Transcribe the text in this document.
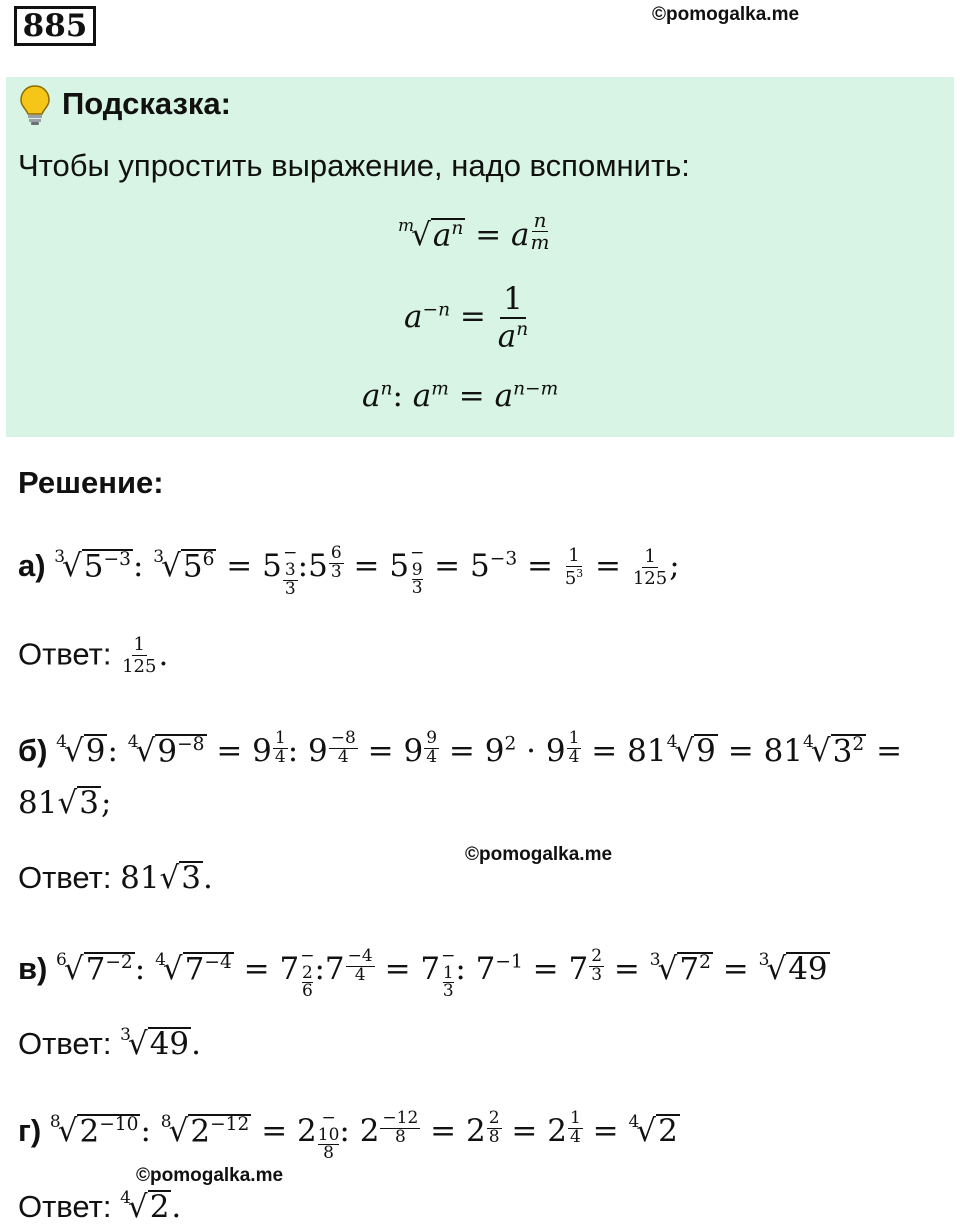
885	©pomogalka.me
Подсказка:
Чтобы упростить выражение, надо вспомнить:
$^m√a^n = a \frac{n}{m}$
$a^{-n} = \frac{1}{a^n}$
$a^n$: $a^m = a^{n-m}$
Решение:
а) $^3√5^{-3}$: $^3√5^6 = 5-$
3
3
:5 $\frac{6}{3} = 5-$
9
3
= $5^{-3} = \frac{1}{5^3} = \frac{1}{125}$ ;
Ответ: $\frac{1}{125}$ .
б) $^4$√9: $^4√9^{-8} = 9 \frac{1}{4}$ : $9 \frac{-8}{4} = 9 \frac{9}{4} = 9^2 \cdot 9 \frac{1}{4} = 81^4√9 = 81^4√3^2$ =
81√3;
©pomogalka.me
Ответ: 81√3.
в) $^6√7^{-2}$: $^4√7^{-4} = 7-$
2
6
:7 $\frac{-4}{4} = 7-$
1
3
: $7^{-1} = 7 \frac{2}{3} = ^3√7^2 = ^3√49$
Ответ: $^3$√49.
г) $^8√2^{-10}$: $^8√2^{-12} = 2$ −
10
8
: $2 \frac{-12}{8} = 2 \frac{2}{8} = 2 \frac{1}{4} = ^4√2$
©pomogalka.me
Ответ: $^4$√2.
